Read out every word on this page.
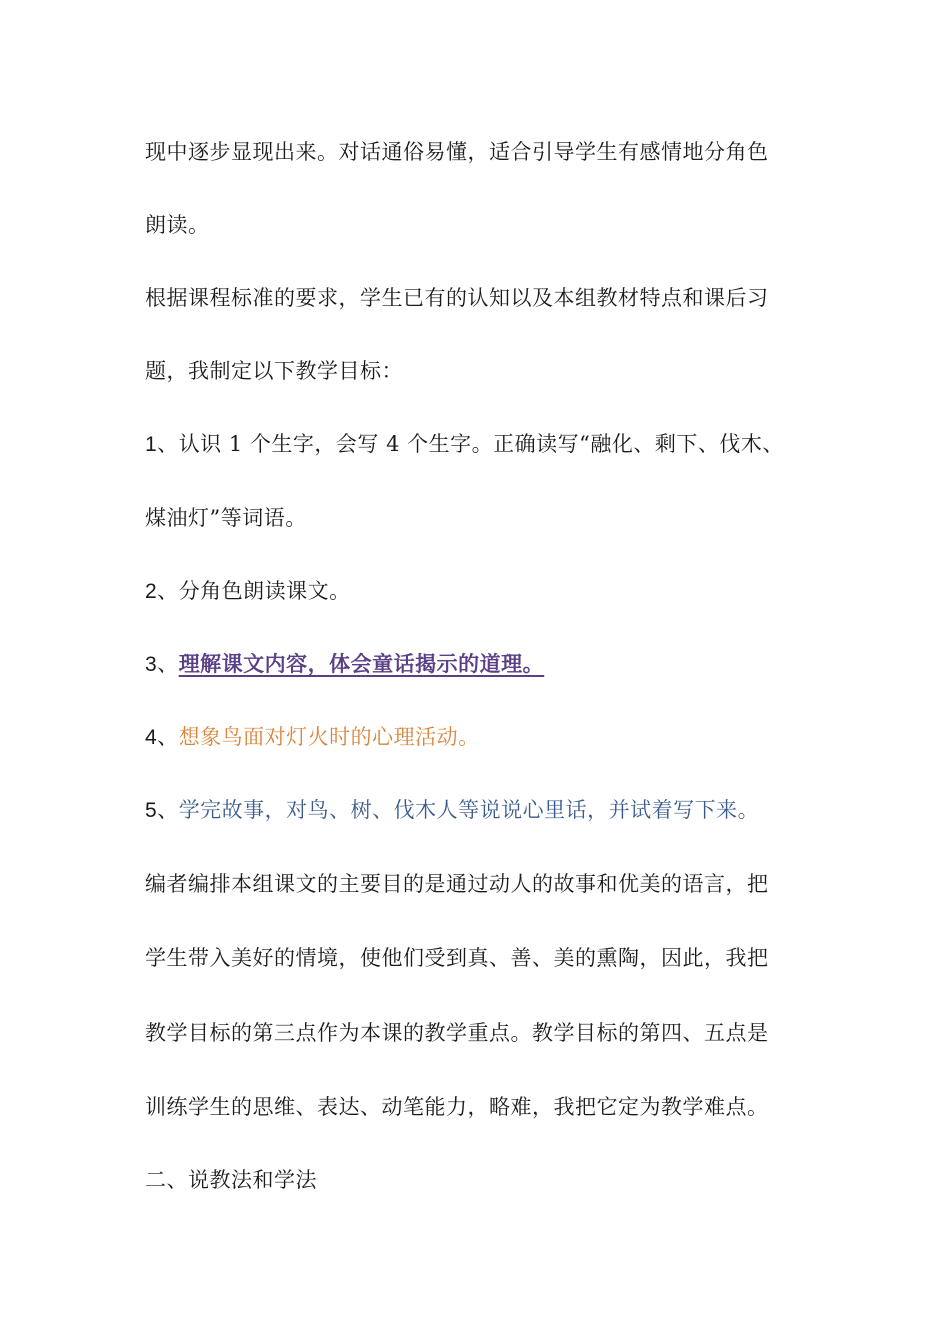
现中逐步显现出来。对话通俗易懂，适合引导学生有感情地分角色
朗读。
根据课程标准的要求，学生已有的认知以及本组教材特点和课后习
题，我制定以下教学目标：
1、认识 1 个生字，会写 4 个生字。正确读写“融化、剩下、伐木、
煤油灯”等词语。
2、分角色朗读课文。
3、理解课文内容，体会童话揭示的道理。
4、想象鸟面对灯火时的心理活动。
5、学完故事，对鸟、树、伐木人等说说心里话，并试着写下来。
编者编排本组课文的主要目的是通过动人的故事和优美的语言，把
学生带入美好的情境，使他们受到真、善、美的熏陶，因此，我把
教学目标的第三点作为本课的教学重点。教学目标的第四、五点是
训练学生的思维、表达、动笔能力，略难，我把它定为教学难点。
二、说教法和学法
